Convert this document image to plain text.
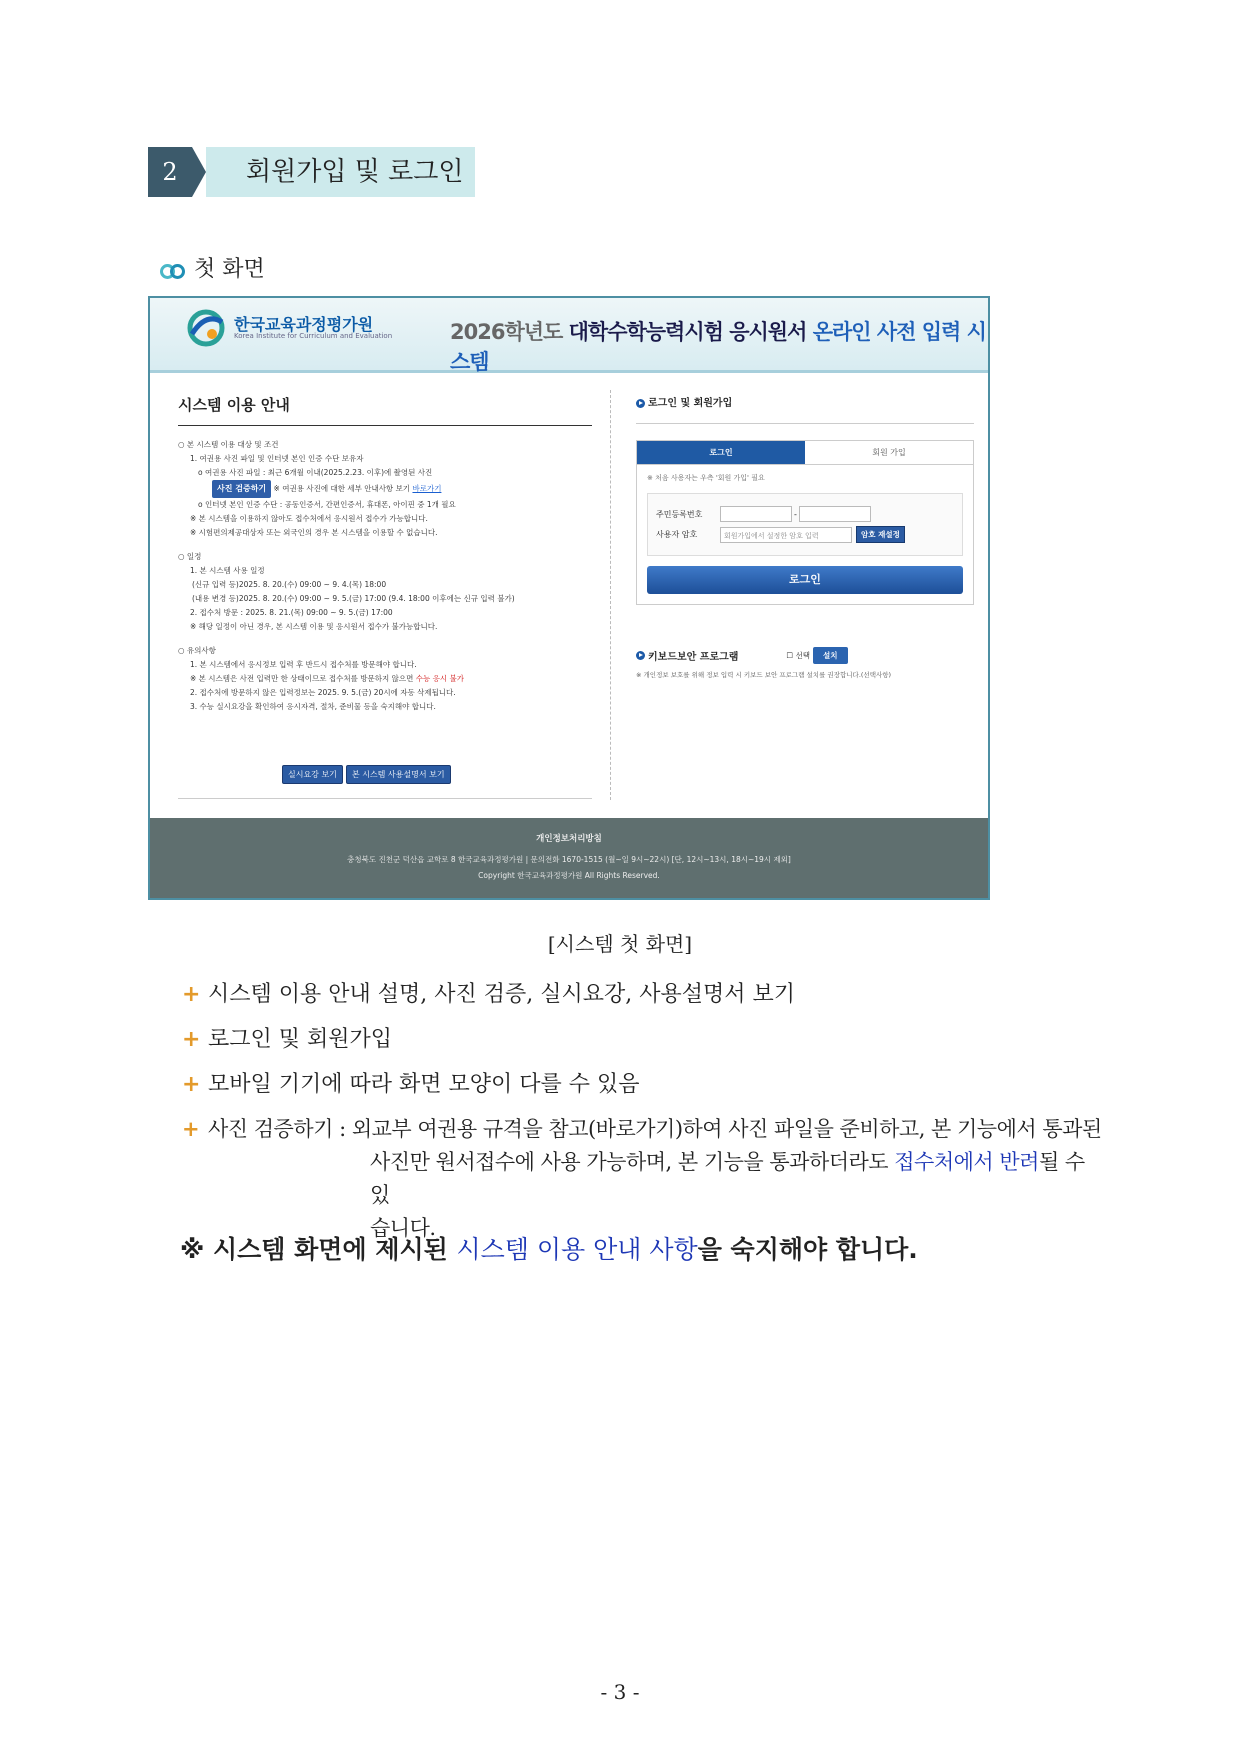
2	회원가입 및 로그인
첫 화면
한국교육과정평가원
Korea Institute for Curriculum and Evaluation	2026학년도 대학수학능력시험 응시원서 온라인 사전 입력 시스템
시스템 이용 안내
○ 본 시스템 이용 대상 및 조건
1. 여권용 사진 파일 및 인터넷 본인 인증 수단 보유자
o 여권용 사진 파일 : 최근 6개월 이내(2025.2.23. 이후)에 촬영된 사진
사진 검증하기 ※ 여권용 사진에 대한 세부 안내사항 보기 바로가기
o 인터넷 본인 인증 수단 : 공동인증서, 간편인증서, 휴대폰, 아이핀 중 1개 필요
※ 본 시스템을 이용하지 않아도 접수처에서 응시원서 접수가 가능합니다.
※ 시험편의제공대상자 또는 외국인의 경우 본 시스템을 이용할 수 없습니다.
○ 일정
1. 본 시스템 사용 일정
(신규 입력 등)2025. 8. 20.(수) 09:00 ~ 9. 4.(목) 18:00
(내용 변경 등)2025. 8. 20.(수) 09:00 ~ 9. 5.(금) 17:00 (9.4. 18:00 이후에는 신규 입력 불가)
2. 접수처 방문 : 2025. 8. 21.(목) 09:00 ~ 9. 5.(금) 17:00
※ 해당 일정이 아닌 경우, 본 시스템 이용 및 응시원서 접수가 불가능합니다.
○ 유의사항
1. 본 시스템에서 응시정보 입력 후 반드시 접수처를 방문해야 합니다.
※ 본 시스템은 사전 입력만 한 상태이므로 접수처를 방문하지 않으면 수능 응시 불가
2. 접수처에 방문하지 않은 입력정보는 2025. 9. 5.(금) 20시에 자동 삭제됩니다.
3. 수능 실시요강을 확인하여 응시자격, 절차, 준비물 등을 숙지해야 합니다.
실시요강 보기 본 시스템 사용설명서 보기
로그인 및 회원가입
로그인	회원 가입
※ 처음 사용자는 우측 '회원 가입' 필요
주민등록번호	-
사용자 암호	회원가입에서 설정한 암호 입력	암호 재설정
로그인
키보드보안 프로그램	☐ 선택	설치
※ 개인정보 보호를 위해 정보 입력 시 키보드 보안 프로그램 설치를 권장합니다.(선택사항)
개인정보처리방침
충청북도 진천군 덕산읍 교학로 8 한국교육과정평가원 | 문의전화 1670-1515 (월~일 9시~22시) [단, 12시~13시, 18시~19시 제외]
Copyright 한국교육과정평가원 All Rights Reserved.
[시스템 첫 화면]
+ 시스템 이용 안내 설명, 사진 검증, 실시요강, 사용설명서 보기
+ 로그인 및 회원가입
+ 모바일 기기에 따라 화면 모양이 다를 수 있음
+ 사진 검증하기 : 외교부 여권용 규격을 참고(바로가기)하여 사진 파일을 준비하고, 본 기능에서 통과된
사진만 원서접수에 사용 가능하며, 본 기능을 통과하더라도 접수처에서 반려될 수 있
습니다.
※ 시스템 화면에 제시된 시스템 이용 안내 사항을 숙지해야 합니다.
- 3 -
